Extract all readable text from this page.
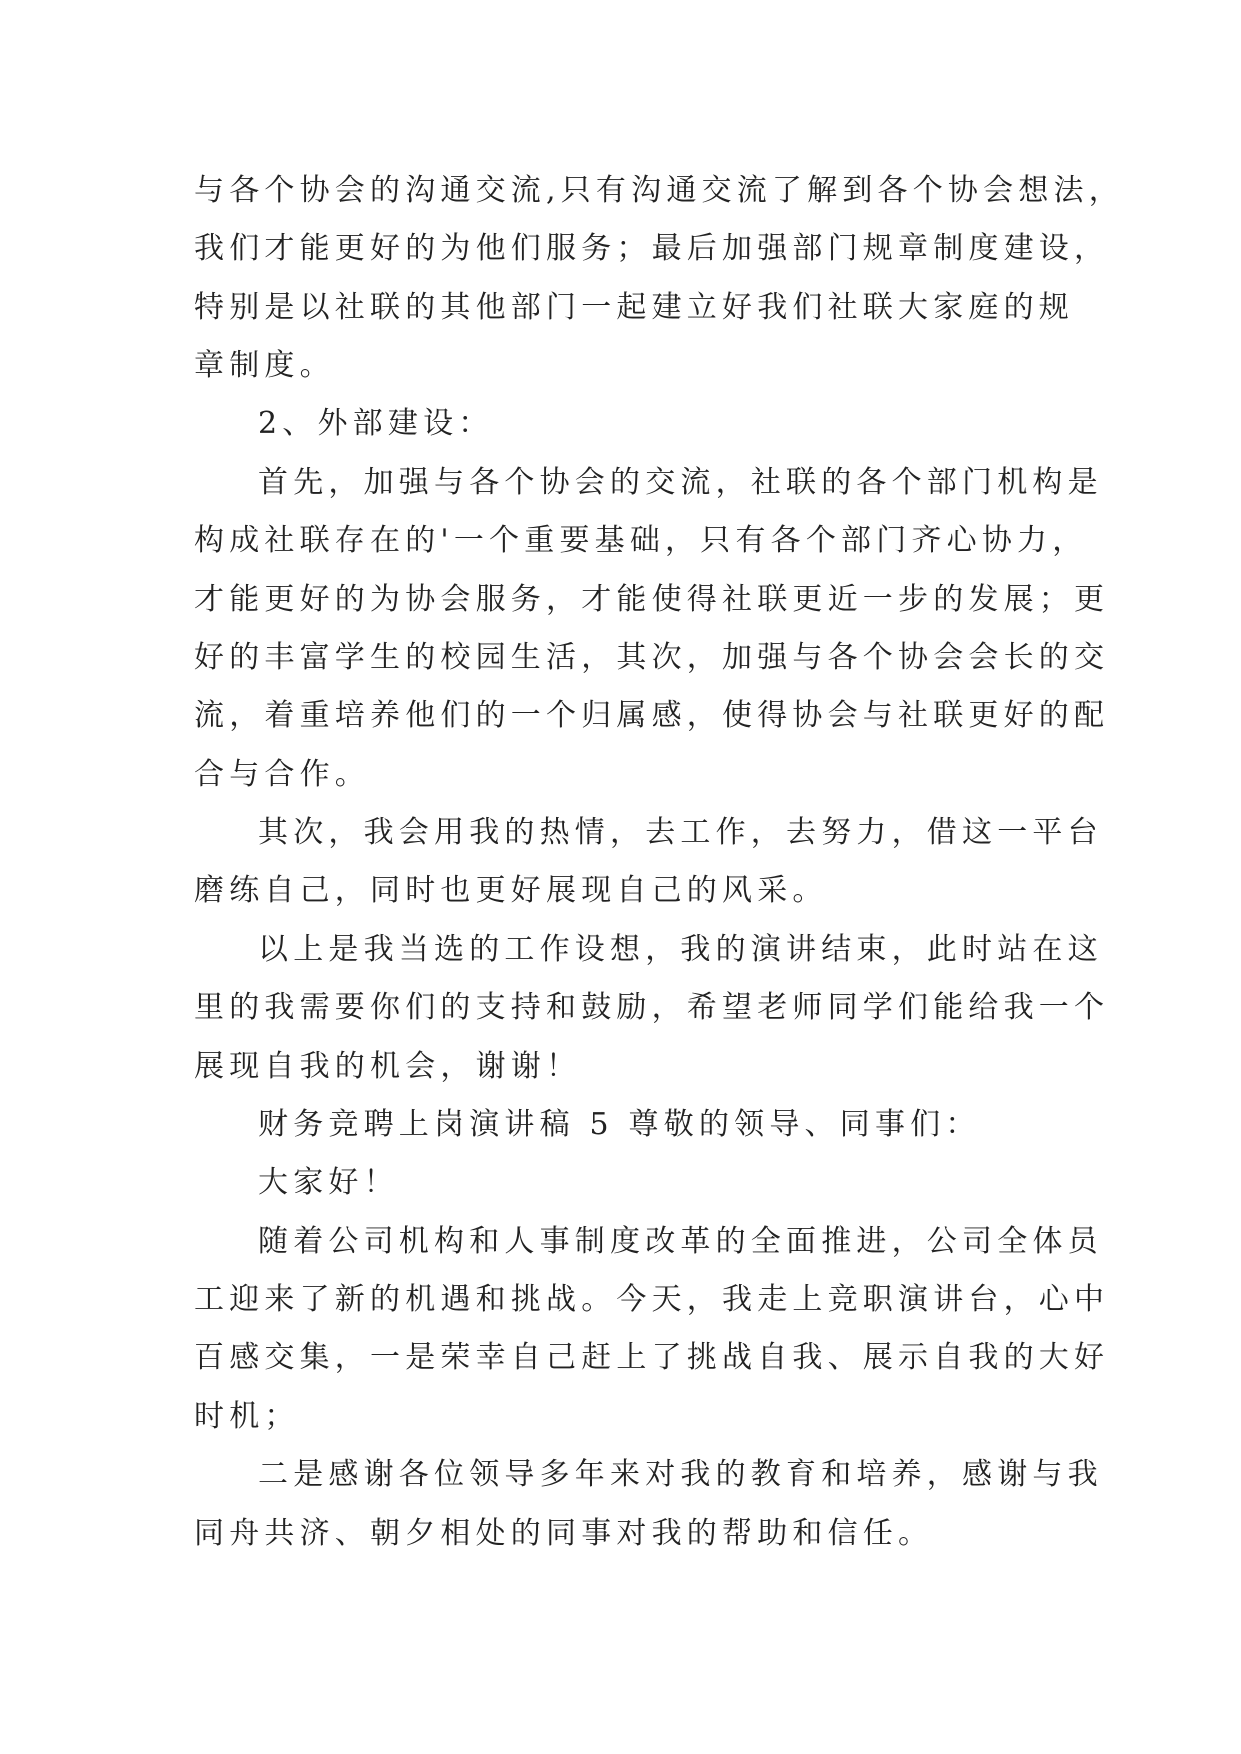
与各个协会的沟通交流,只有沟通交流了解到各个协会想法，
我们才能更好的为他们服务；最后加强部门规章制度建设，
特别是以社联的其他部门一起建立好我们社联大家庭的规
章制度。
2、外部建设：
首先，加强与各个协会的交流，社联的各个部门机构是
构成社联存在的'一个重要基础，只有各个部门齐心协力，
才能更好的为协会服务，才能使得社联更近一步的发展；更
好的丰富学生的校园生活，其次，加强与各个协会会长的交
流，着重培养他们的一个归属感，使得协会与社联更好的配
合与合作。
其次，我会用我的热情，去工作，去努力，借这一平台
磨练自己，同时也更好展现自己的风采。
以上是我当选的工作设想，我的演讲结束，此时站在这
里的我需要你们的支持和鼓励，希望老师同学们能给我一个
展现自我的机会，谢谢！
财务竞聘上岗演讲稿 5 尊敬的领导、同事们：
大家好！
随着公司机构和人事制度改革的全面推进，公司全体员
工迎来了新的机遇和挑战。今天，我走上竞职演讲台，心中
百感交集，一是荣幸自己赶上了挑战自我、展示自我的大好
时机；
二是感谢各位领导多年来对我的教育和培养，感谢与我
同舟共济、朝夕相处的同事对我的帮助和信任。
